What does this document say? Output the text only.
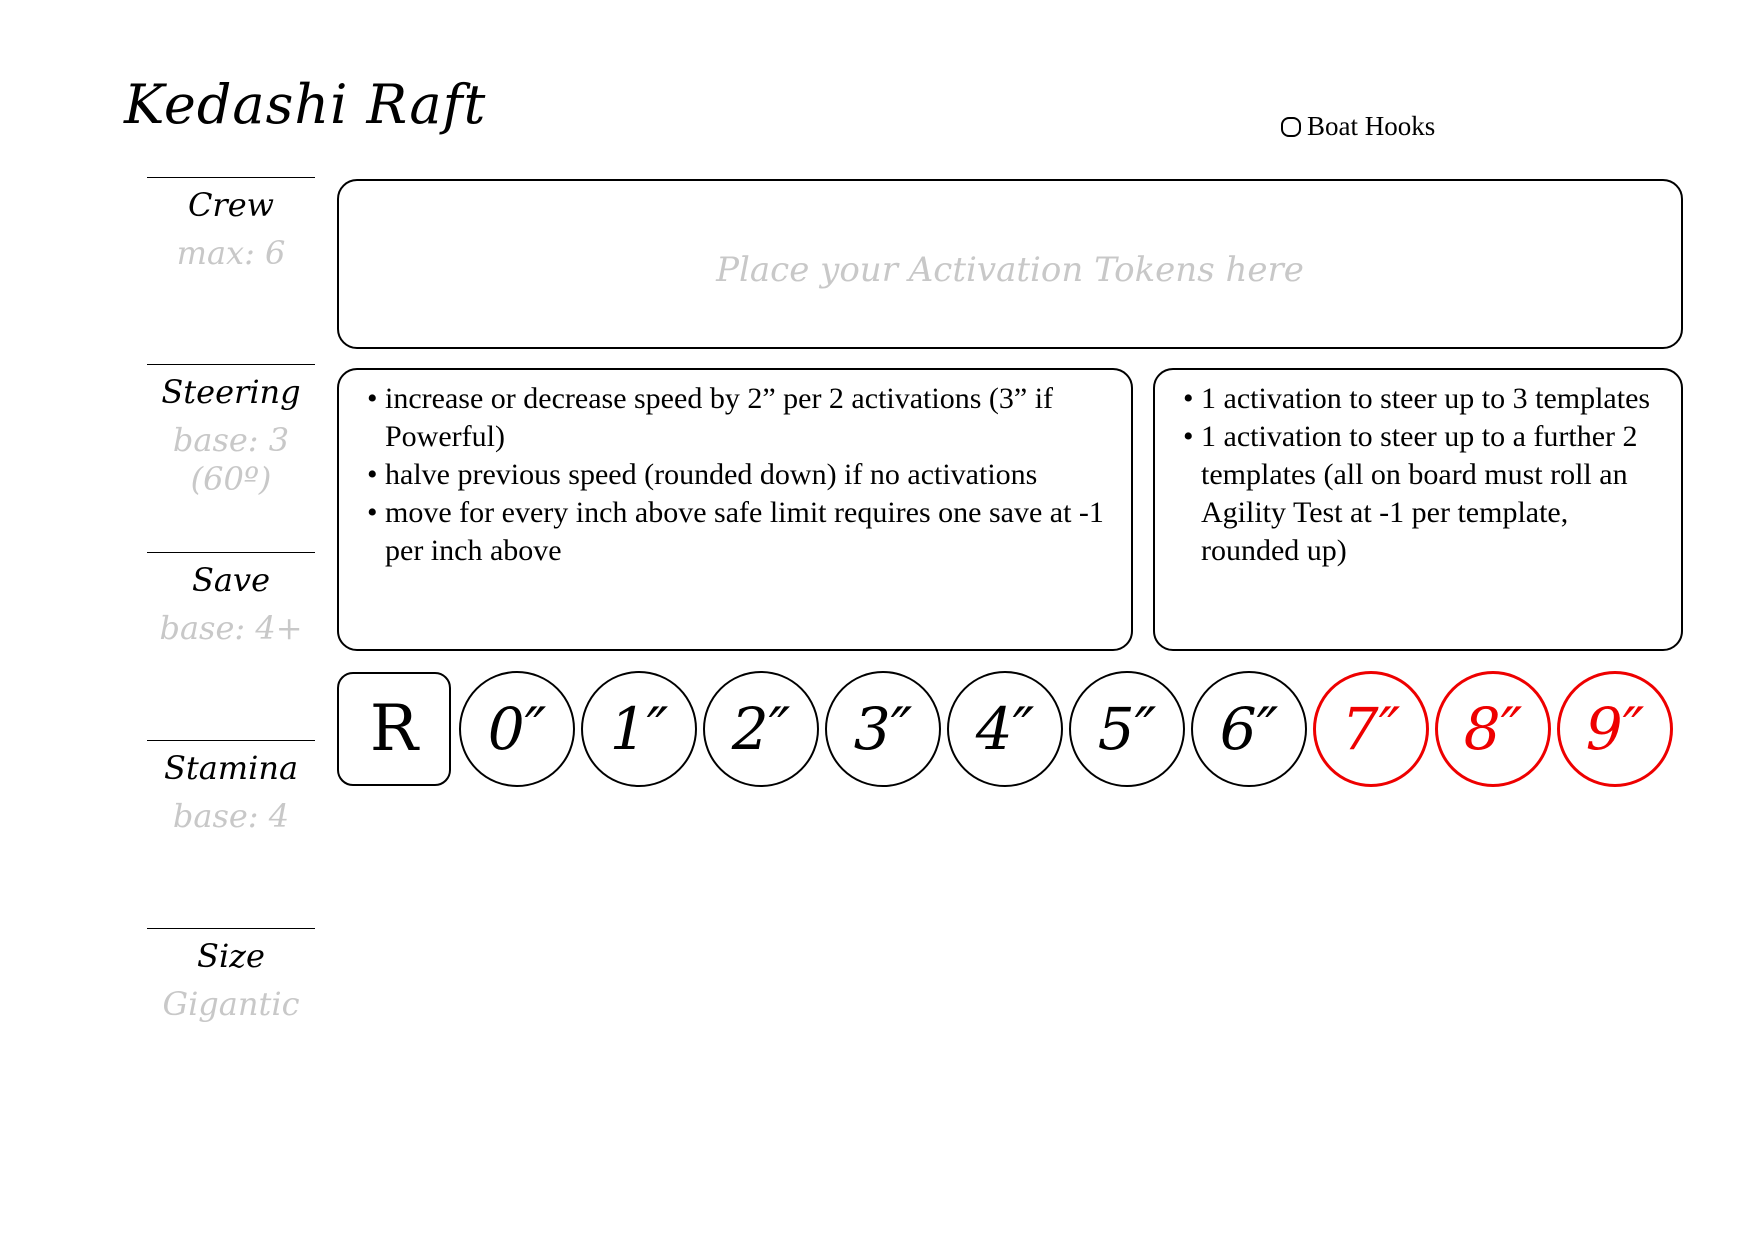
Kedashi Raft	Boat Hooks
Crew
max: 6
Steering
base: 3 (60º)
Save
base: 4+
Stamina
base: 4
Size
Gigantic
Place your Activation Tokens here
• increase or decrease speed by 2” per 2 activations (3” if Powerful)
• halve previous speed (rounded down) if no activations
• move for every inch above safe limit requires one save at -1 per inch above
• 1 activation to steer up to 3 templates
• 1 activation to steer up to a further 2 templates (all on board must roll an Agility Test at -1 per template, rounded up)
R	0″	1″	2″	3″	4″	5″	6″	7″	8″	9″
